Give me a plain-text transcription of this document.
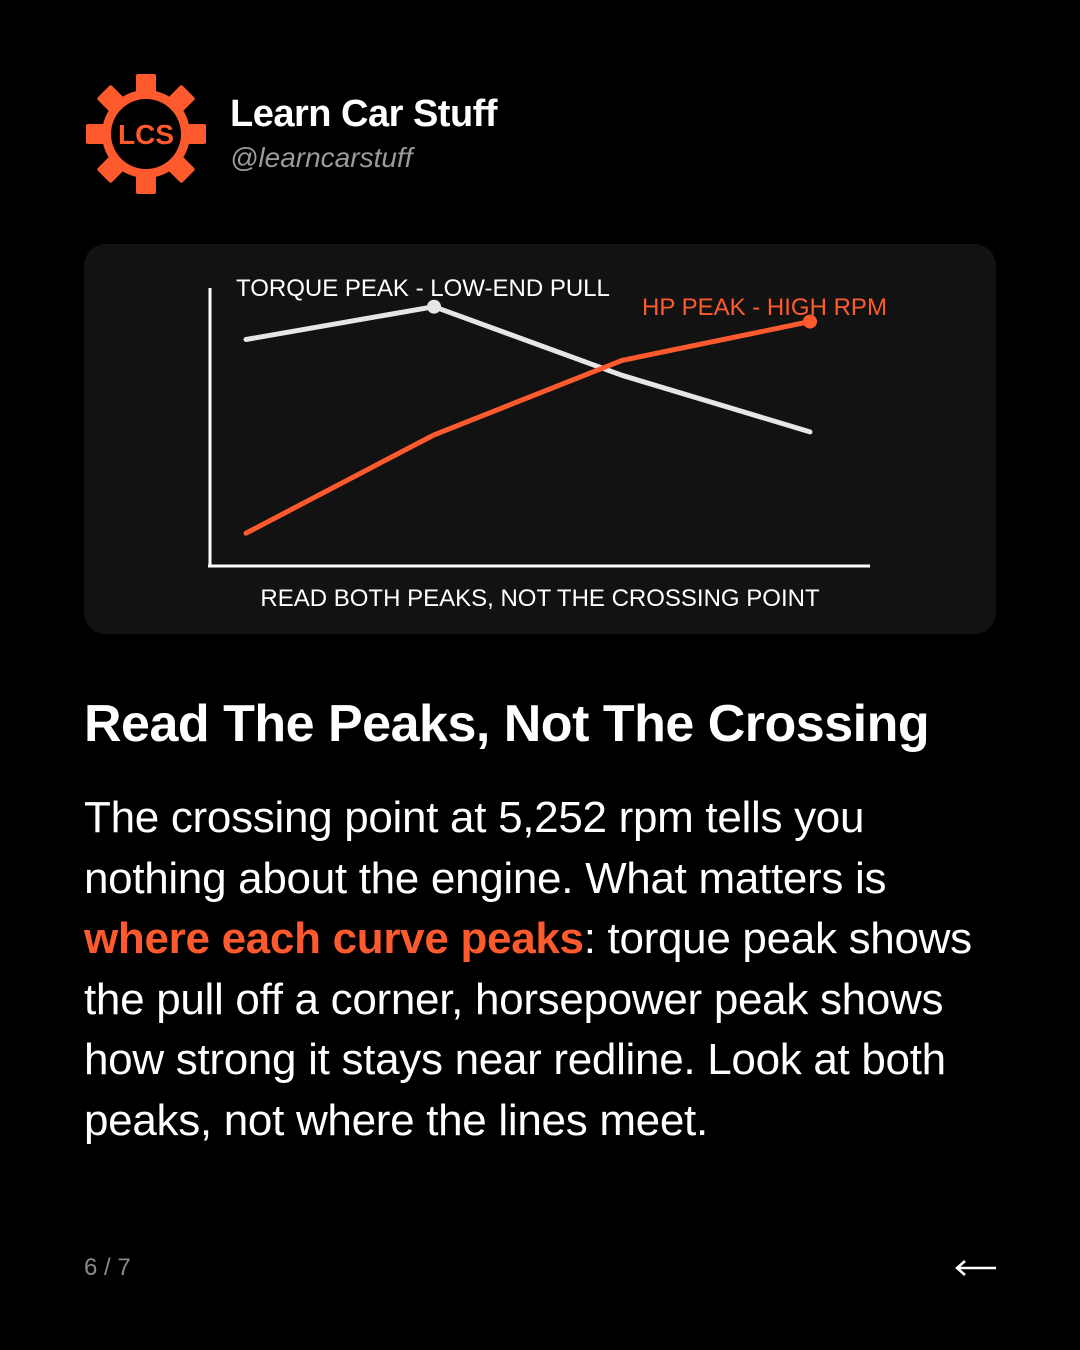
LCS Learn Car Stuff
@learncarstuff
TORQUE PEAK - LOW-END PULL
HP PEAK - HIGH RPM
READ BOTH PEAKS, NOT THE CROSSING POINT
Read The Peaks, Not The Crossing

The crossing point at 5,252 rpm tells you nothing about the engine. What matters is where each curve peaks: torque peak shows the pull off a corner, horsepower peak shows how strong it stays near redline. Look at both peaks, not where the lines meet.

6 / 7
